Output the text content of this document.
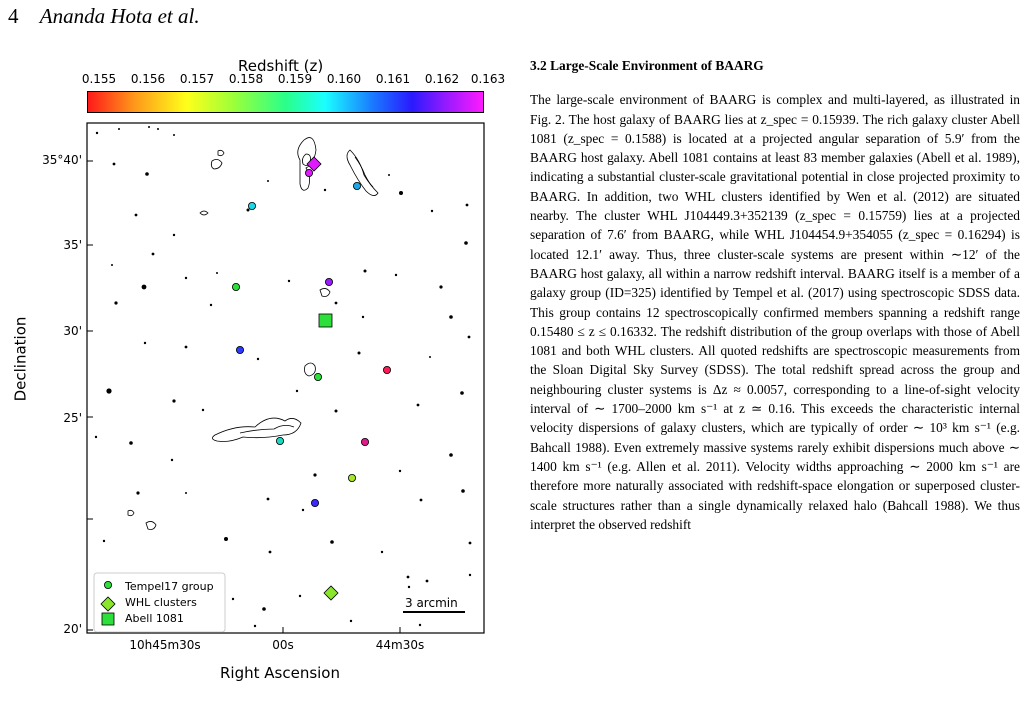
4 Ananda Hota et al.
Redshift (z)
0.155 0.156 0.157 0.158 0.159 0.160 0.161 0.162 0.163
Tempel17 group
WHL clusters
Abell 1081
3 arcmin
Declination
35°40'
35'
30'
25'
20'
10h45m30s	00s	44m30s
Right Ascension
3.2 Large-Scale Environment of BAARG

The large-scale environment of BAARG is complex and multi-layered, as illustrated in Fig. 2. The host galaxy of BAARG lies at z_spec = 0.15939. The rich galaxy cluster Abell 1081 (z_spec = 0.1588) is located at a projected angular separation of 5.9′ from the BAARG host galaxy. Abell 1081 contains at least 83 member galaxies (Abell et al. 1989), indicating a substantial cluster-scale gravitational potential in close projected proximity to BAARG. In addition, two WHL clusters identified by Wen et al. (2012) are situated nearby. The cluster WHL J104449.3+352139 (z_spec = 0.15759) lies at a projected separation of 7.6′ from BAARG, while WHL J104454.9+354055 (z_spec = 0.16294) is located 12.1′ away. Thus, three cluster-scale systems are present within ∼12′ of the BAARG host galaxy, all within a narrow redshift interval. BAARG itself is a member of a galaxy group (ID=325) identified by Tempel et al. (2017) using spectroscopic SDSS data. This group contains 12 spectroscopically confirmed members spanning a redshift range 0.15480 ≤ z ≤ 0.16332. The redshift distribution of the group overlaps with those of Abell 1081 and both WHL clusters. All quoted redshifts are spectroscopic measurements from the Sloan Digital Sky Survey (SDSS). The total redshift spread across the group and neighbouring cluster systems is Δz ≈ 0.0057, corresponding to a line-of-sight velocity interval of ∼ 1700–2000 km s⁻¹ at z ≃ 0.16. This exceeds the characteristic internal velocity dispersions of galaxy clusters, which are typically of order ∼ 10³ km s⁻¹ (e.g. Bahcall 1988). Even extremely massive systems rarely exhibit dispersions much above ∼ 1400 km s⁻¹ (e.g. Allen et al. 2011). Velocity widths approaching ∼ 2000 km s⁻¹ are therefore more naturally associated with redshift-space elongation or superposed cluster-scale structures rather than a single dynamically relaxed halo (Bahcall 1988). We thus interpret the observed redshift
